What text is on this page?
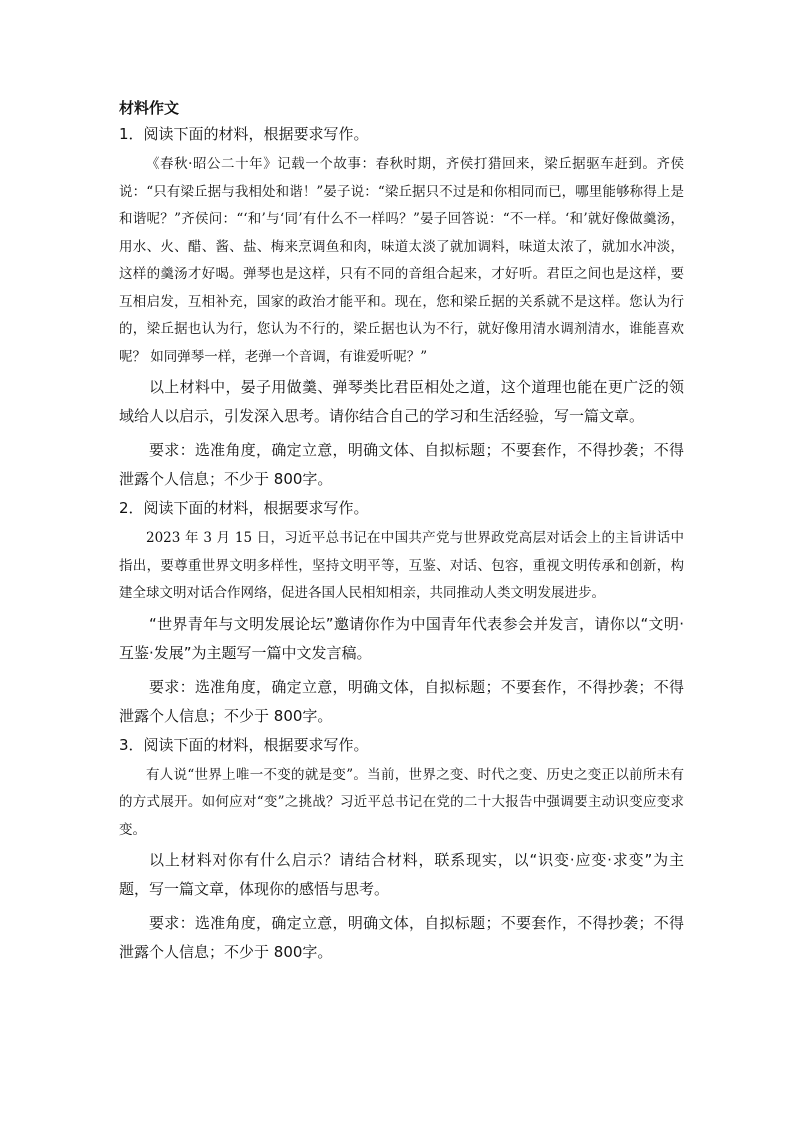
材料作文

1．阅读下面的材料，根据要求写作。

《春秋·昭公二十年》记载一个故事：春秋时期，齐侯打猎回来，梁丘据驱车赶到。齐侯说：“只有梁丘据与我相处和谐！”晏子说：“梁丘据只不过是和你相同而已，哪里能够称得上是和谐呢？”齐侯问：“‘和’与‘同’有什么不一样吗？”晏子回答说：“不一样。‘和’就好像做羹汤，用水、火、醋、酱、盐、梅来烹调鱼和肉，味道太淡了就加调料，味道太浓了，就加水冲淡，这样的羹汤才好喝。弹琴也是这样，只有不同的音组合起来，才好听。君臣之间也是这样，要互相启发，互相补充，国家的政治才能平和。现在，您和梁丘据的关系就不是这样。您认为行的，梁丘据也认为行，您认为不行的，梁丘据也认为不行，就好像用清水调剂清水，谁能喜欢呢？ 如同弹琴一样，老弹一个音调，有谁爱听呢？”

以上材料中，晏子用做羹、弹琴类比君臣相处之道，这个道理也能在更广泛的领域给人以启示，引发深入思考。请你结合自己的学习和生活经验，写一篇文章。

要求：选准角度，确定立意，明确文体、自拟标题；不要套作，不得抄袭；不得泄露个人信息；不少于 800字。

2．阅读下面的材料，根据要求写作。

2023 年 3 月 15 日，习近平总书记在中国共产党与世界政党高层对话会上的主旨讲话中指出，要尊重世界文明多样性，坚持文明平等，互鉴、对话、包容，重视文明传承和创新，构建全球文明对话合作网络，促进各国人民相知相亲，共同推动人类文明发展进步。

“世界青年与文明发展论坛”邀请你作为中国青年代表参会并发言，请你以“文明·互鉴·发展”为主题写一篇中文发言稿。

要求：选准角度，确定立意，明确文体，自拟标题；不要套作，不得抄袭；不得泄露个人信息；不少于 800字。

3．阅读下面的材料，根据要求写作。

有人说“世界上唯一不变的就是变”。当前，世界之变、时代之变、历史之变正以前所未有的方式展开。如何应对“变”之挑战？习近平总书记在党的二十大报告中强调要主动识变应变求变。

以上材料对你有什么启示？请结合材料，联系现实，以“识变·应变·求变”为主题，写一篇文章，体现你的感悟与思考。

要求：选准角度，确定立意，明确文体，自拟标题；不要套作，不得抄袭；不得泄露个人信息；不少于 800字。
